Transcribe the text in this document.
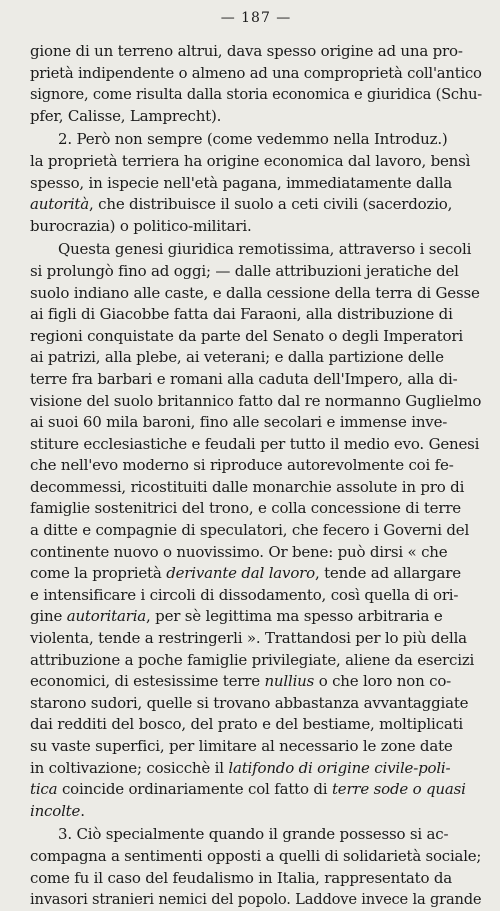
— 187 —
gione di un terreno altrui, dava spesso origine ad una pro-
prietà indipendente o almeno ad una comproprietà coll'antico
signore, come risulta dalla storia economica e giuridica (Schu-
pfer, Calisse, Lamprecht).
2. Però non sempre (come vedemmo nella Introduz.)
la proprietà terriera ha origine economica dal lavoro, bensì
spesso, in ispecie nell'età pagana, immediatamente dalla
autorità, che distribuisce il suolo a ceti civili (sacerdozio,
burocrazia) o politico-militari.
Questa genesi giuridica remotissima, attraverso i secoli
si prolungò fino ad oggi; — dalle attribuzioni jeratiche del
suolo indiano alle caste, e dalla cessione della terra di Gesse
ai figli di Giacobbe fatta dai Faraoni, alla distribuzione di
regioni conquistate da parte del Senato o degli Imperatori
ai patrizi, alla plebe, ai veterani; e dalla partizione delle
terre fra barbari e romani alla caduta dell'Impero, alla di-
visione del suolo britannico fatto dal re normanno Guglielmo
ai suoi 60 mila baroni, fino alle secolari e immense inve-
stiture ecclesiastiche e feudali per tutto il medio evo. Genesi
che nell'evo moderno si riproduce autorevolmente coi fe-
decommessi, ricostituiti dalle monarchie assolute in pro di
famiglie sostenitrici del trono, e colla concessione di terre
a ditte e compagnie di speculatori, che fecero i Governi del
continente nuovo o nuovissimo. Or bene: può dirsi « che
come la proprietà derivante dal lavoro, tende ad allargare
e intensificare i circoli di dissodamento, così quella di ori-
gine autoritaria, per sè legittima ma spesso arbitraria e
violenta, tende a restringerli ». Trattandosi per lo più della
attribuzione a poche famiglie privilegiate, aliene da esercizi
economici, di estesissime terre nullius o che loro non co-
starono sudori, quelle si trovano abbastanza avvantaggiate
dai redditi del bosco, del prato e del bestiame, moltiplicati
su vaste superfici, per limitare al necessario le zone date
in coltivazione; cosicchè il latifondo di origine civile-poli-
tica coincide ordinariamente col fatto di terre sode o quasi
incolte.
3. Ciò specialmente quando il grande possesso si ac-
compagna a sentimenti opposti a quelli di solidarietà sociale;
come fu il caso del feudalismo in Italia, rappresentato da
invasori stranieri nemici del popolo. Laddove invece la grande
